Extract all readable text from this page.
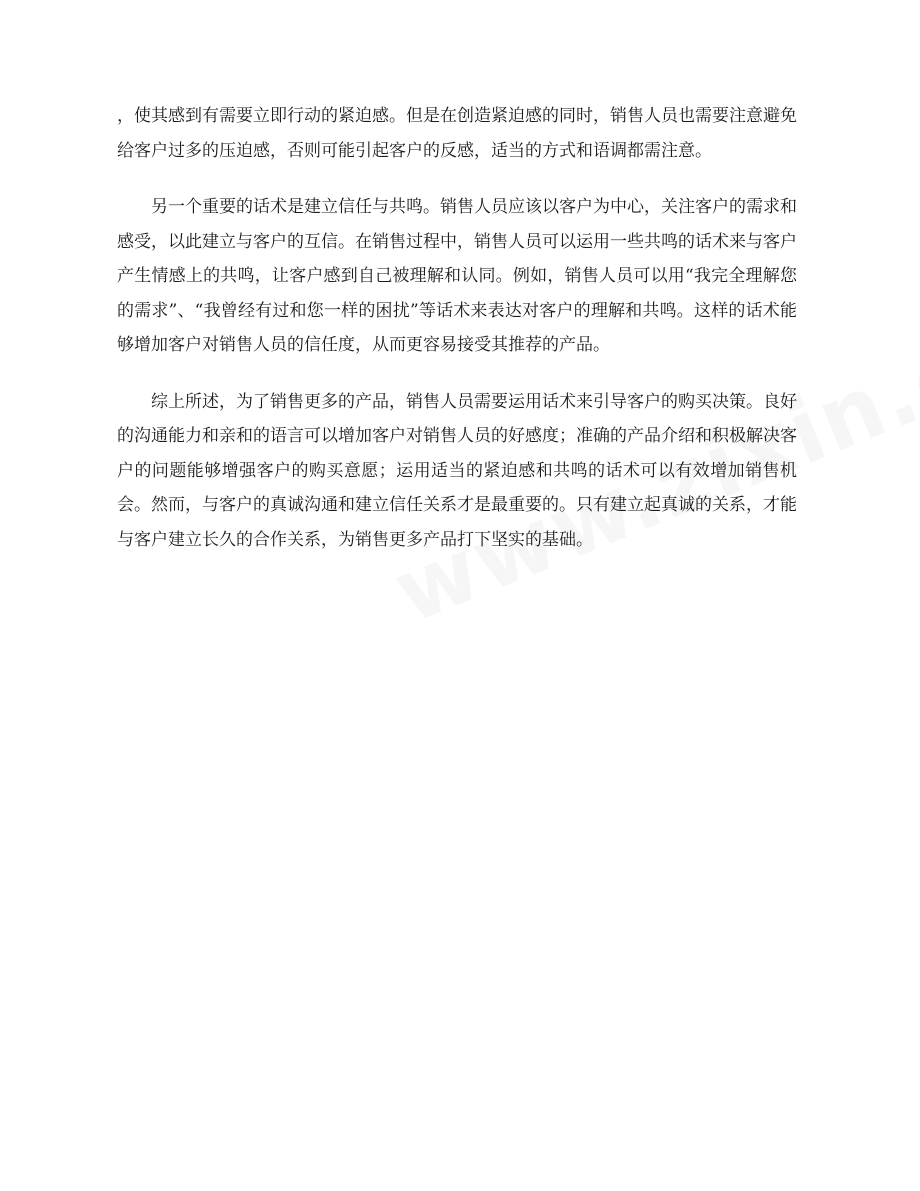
，使其感到有需要立即行动的紧迫感。但是在创造紧迫感的同时，销售人员也需要注意避免给客户过多的压迫感，否则可能引起客户的反感，适当的方式和语调都需注意。

另一个重要的话术是建立信任与共鸣。销售人员应该以客户为中心，关注客户的需求和感受，以此建立与客户的互信。在销售过程中，销售人员可以运用一些共鸣的话术来与客户产生情感上的共鸣，让客户感到自己被理解和认同。例如，销售人员可以用“我完全理解您的需求”、“我曾经有过和您一样的困扰”等话术来表达对客户的理解和共鸣。这样的话术能够增加客户对销售人员的信任度，从而更容易接受其推荐的产品。

综上所述，为了销售更多的产品，销售人员需要运用话术来引导客户的购买决策。良好的沟通能力和亲和的语言可以增加客户对销售人员的好感度；准确的产品介绍和积极解决客户的问题能够增强客户的购买意愿；运用适当的紧迫感和共鸣的话术可以有效增加销售机会。然而，与客户的真诚沟通和建立信任关系才是最重要的。只有建立起真诚的关系，才能与客户建立长久的合作关系，为销售更多产品打下坚实的基础。
